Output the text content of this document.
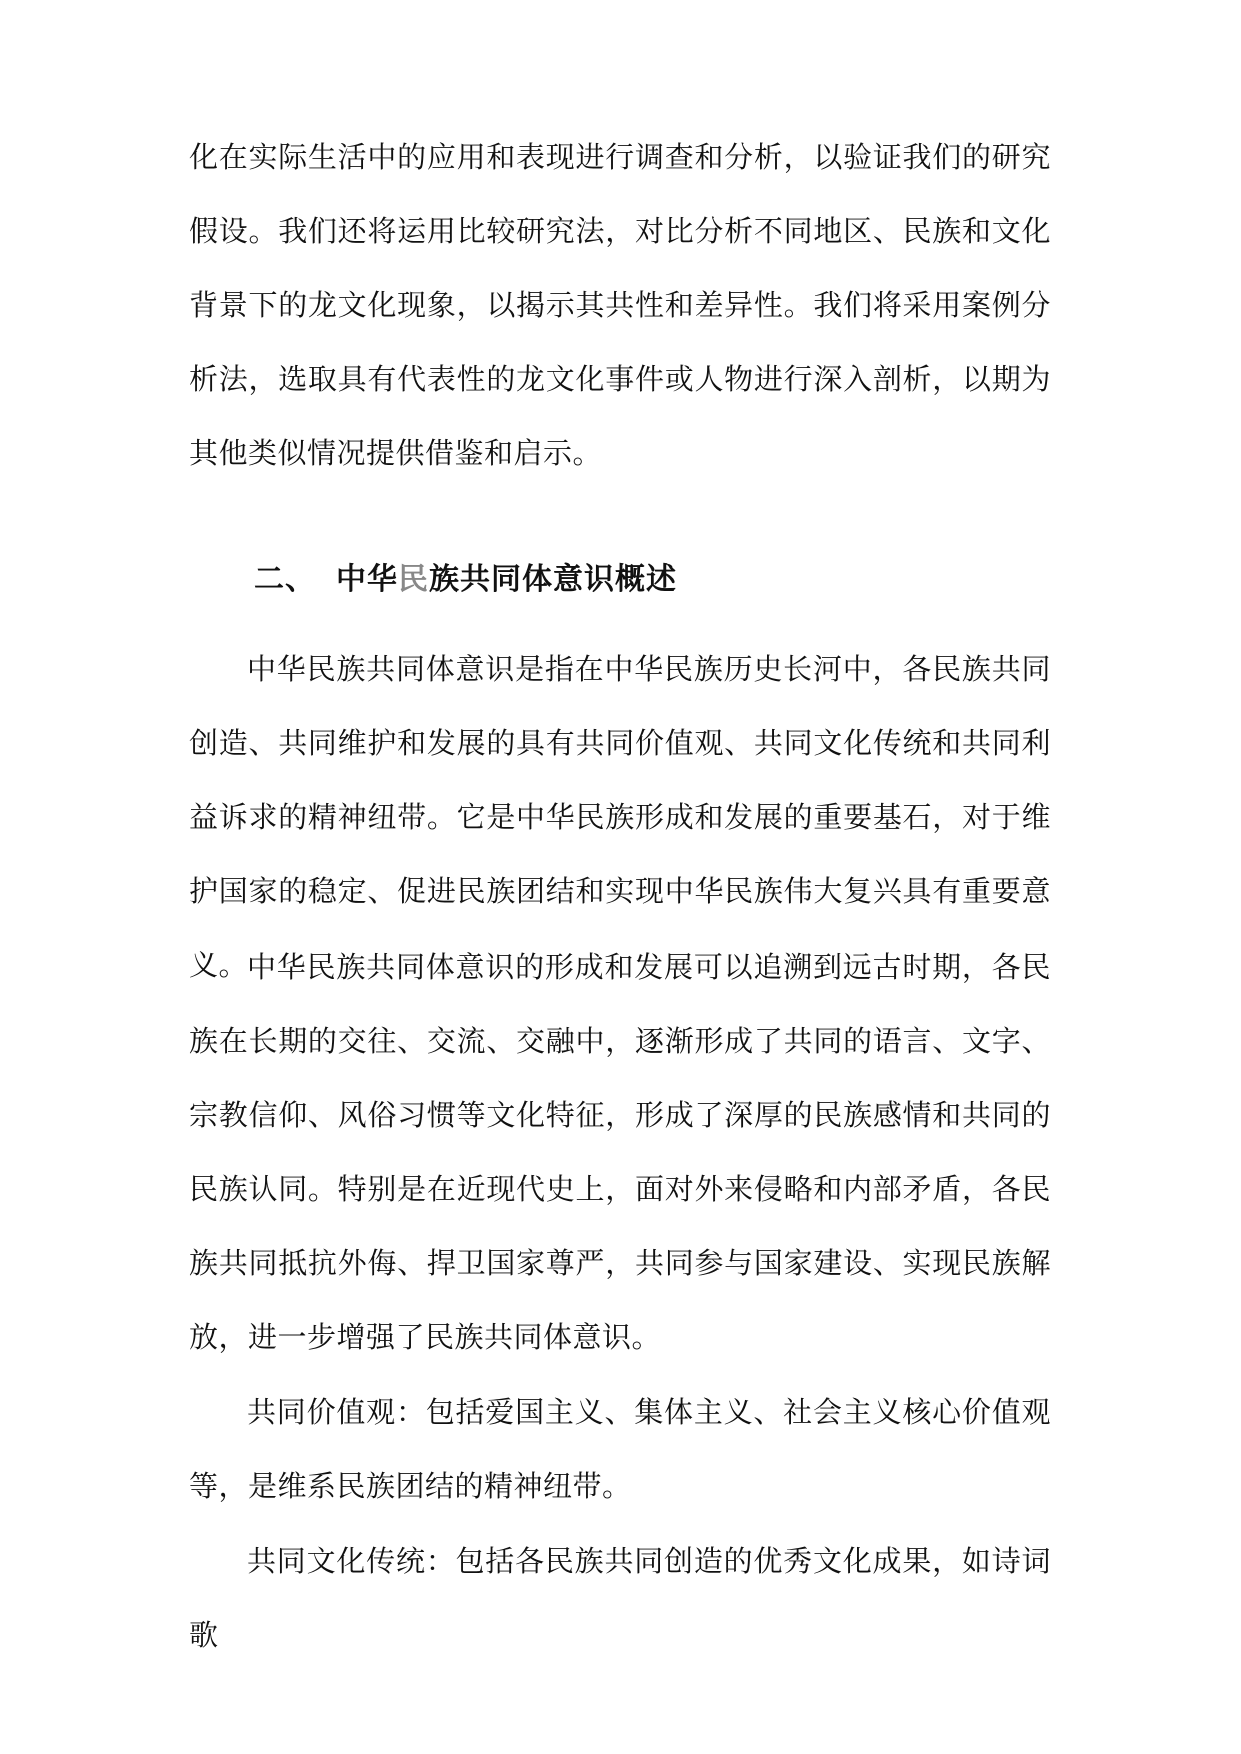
化在实际生活中的应用和表现进行调查和分析，以验证我们的研究假设。我们还将运用比较研究法，对比分析不同地区、民族和文化背景下的龙文化现象，以揭示其共性和差异性。我们将采用案例分析法，选取具有代表性的龙文化事件或人物进行深入剖析，以期为其他类似情况提供借鉴和启示。

二、 中华民族共同体意识概述

中华民族共同体意识是指在中华民族历史长河中，各民族共同创造、共同维护和发展的具有共同价值观、共同文化传统和共同利益诉求的精神纽带。它是中华民族形成和发展的重要基石，对于维护国家的稳定、促进民族团结和实现中华民族伟大复兴具有重要意义。

中华民族共同体意识的形成和发展可以追溯到远古时期，各民族在长期的交往、交流、交融中，逐渐形成了共同的语言、文字、宗教信仰、风俗习惯等文化特征，形成了深厚的民族感情和共同的民族认同。特别是在近现代史上，面对外来侵略和内部矛盾，各民族共同抵抗外侮、捍卫国家尊严，共同参与国家建设、实现民族解放，进一步增强了民族共同体意识。

共同价值观：包括爱国主义、集体主义、社会主义核心价值观等，是维系民族团结的精神纽带。

共同文化传统：包括各民族共同创造的优秀文化成果，如诗词歌
